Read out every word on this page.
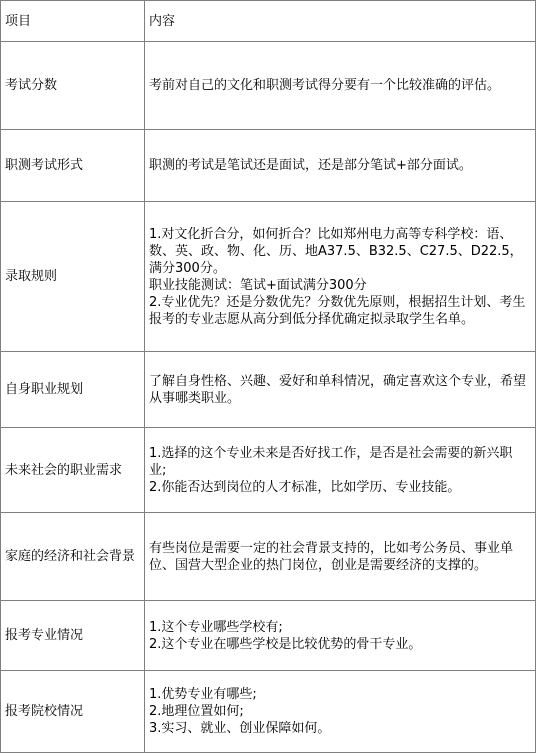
项目	内容
考试分数	考前对自己的文化和职测考试得分要有一个比较准确的评估。

职测考试形式	职测的考试是笔试还是面试，还是部分笔试+部分面试。

录取规则	1.对文化折合分，如何折合？比如郑州电力高等专科学校：语、数、英、政、物、化、历、地A37.5、B32.5、C27.5、D22.5，满分300分。
职业技能测试：笔试+面试满分300分
2.专业优先？还是分数优先？分数优先原则，根据招生计划、考生报考的专业志愿从高分到低分择优确定拟录取学生名单。

自身职业规划	了解自身性格、兴趣、爱好和单科情况，确定喜欢这个专业，希望从事哪类职业。

未来社会的职业需求	1.选择的这个专业未来是否好找工作，是否是社会需要的新兴职业;
2.你能否达到岗位的人才标准，比如学历、专业技能。

家庭的经济和社会背景	有些岗位是需要一定的社会背景支持的，比如考公务员、事业单位、国营大型企业的热门岗位，创业是需要经济的支撑的。

报考专业情况	1.这个专业哪些学校有;
2.这个专业在哪些学校是比较优势的骨干专业。

报考院校情况	1.优势专业有哪些;
2.地理位置如何;
3.实习、就业、创业保障如何。
